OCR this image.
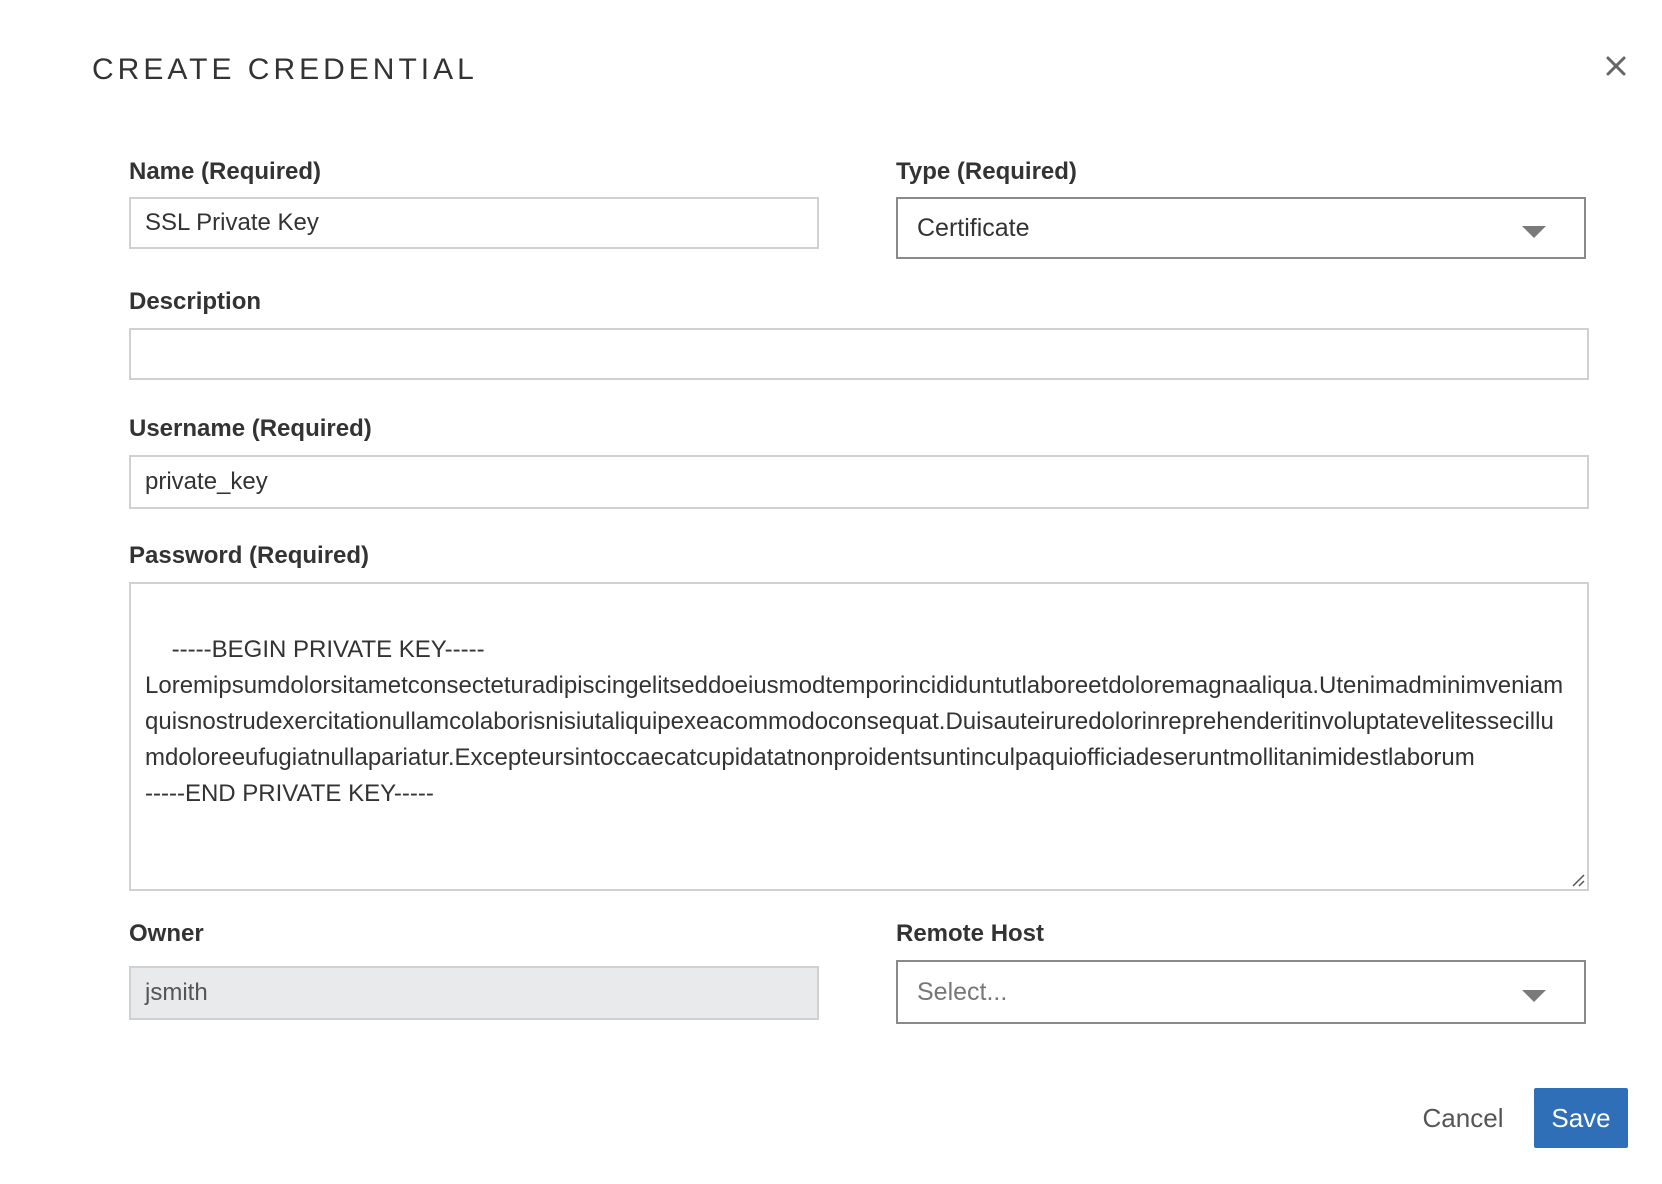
CREATE CREDENTIAL
Name (Required)
SSL Private Key
Type (Required)
Certificate
Description
Username (Required)
private_key
Password (Required)

-----BEGIN PRIVATE KEY-----
Loremipsumdolorsitametconsecteturadipiscingelitseddoeiusmodtemporincididuntutlaboreetdoloremagnaaliqua.Utenimadminimveniamquisnostrudexercitationullamcolaborisnisiutaliquipexeacommodoconsequat.Duisauteiruredolorinreprehenderitinvoluptatevelitessecillumdoloreeufugiatnullapariatur.Excepteursintoccaecatcupidatatnonproidentsuntinculpaquiofficiadeseruntmollitanimidestlaborum
-----END PRIVATE KEY-----

Owner
jsmith
Remote Host
Select...
Cancel	Save
